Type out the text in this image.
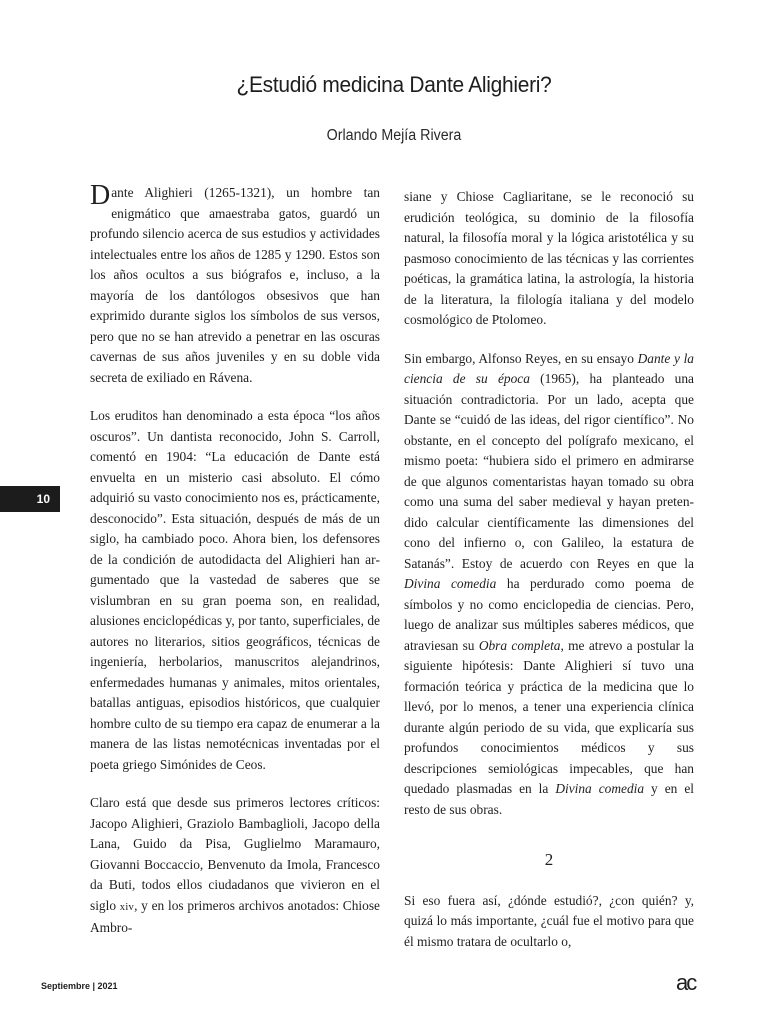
¿Estudió medicina Dante Alighieri?
Orlando Mejía Rivera

Dante Alighieri (1265-1321), un hombre tan enigmático que amaestraba gatos, guardó un profundo silencio acerca de sus estudios y actividades intelectuales entre los años de 1285 y 1290. Estos son los años ocultos a sus biógrafos e, incluso, a la mayoría de los dantólogos obsesivos que han exprimido durante siglos los símbolos de sus versos, pero que no se han atrevido a penetrar en las oscuras cavernas de sus años juveniles y en su doble vida secreta de exiliado en Rávena.

Los eruditos han denominado a esta época “los años oscuros”. Un dantista reconocido, John S. Carroll, comentó en 1904: “La educación de Dante está envuelta en un misterio casi absoluto. El cómo adquirió su vasto conocimiento nos es, prácticamente, desconocido”. Esta situación, después de más de un siglo, ha cambiado poco. Ahora bien, los defensores de la condición de autodidacta del Alighieri han argumentado que la vastedad de saberes que se vislumbran en su gran poema son, en realidad, alusiones enciclopédicas y, por tanto, superficiales, de autores no literarios, sitios geográficos, técnicas de ingeniería, herbolarios, manuscritos alejandrinos, enfermedades humanas y animales, mitos orientales, batallas antiguas, episodios históricos, que cualquier hombre culto de su tiempo era capaz de enumerar a la manera de las listas nemotécnicas inventadas por el poeta griego Simónides de Ceos.

Claro está que desde sus primeros lectores críticos: Jacopo Alighieri, Graziolo Bambaglioli, Jacopo della Lana, Guido da Pisa, Guglielmo Maramauro, Giovanni Boccaccio, Benvenuto da Imola, Francesco da Buti, todos ellos ciudadanos que vivieron en el siglo xiv, y en los primeros archivos anotados: Chiose Ambro-

siane y Chiose Cagliaritane, se le reconoció su erudición teológica, su dominio de la filosofía natural, la filosofía moral y la lógica aristotélica y su pasmoso conocimiento de las técnicas y las corrientes poéticas, la gramática latina, la astrología, la historia de la literatura, la filología italiana y del modelo cosmológico de Ptolomeo.

Sin embargo, Alfonso Reyes, en su ensayo Dante y la ciencia de su época (1965), ha planteado una situación contradictoria. Por un lado, acepta que Dante se “cuidó de las ideas, del rigor científico”. No obstante, en el concepto del polígrafo mexicano, el mismo poeta: “hubiera sido el primero en admirarse de que algunos comentaristas hayan tomado su obra como una suma del saber medieval y hayan pretendido calcular científicamente las dimensiones del cono del infierno o, con Galileo, la estatura de Satanás”. Estoy de acuerdo con Reyes en que la Divina comedia ha perdurado como poema de símbolos y no como enciclopedia de ciencias. Pero, luego de analizar sus múltiples saberes médicos, que atraviesan su Obra completa, me atrevo a postular la siguiente hipótesis: Dante Alighieri sí tuvo una formación teórica y práctica de la medicina que lo llevó, por lo menos, a tener una experiencia clínica durante algún periodo de su vida, que explicaría sus profundos conocimientos médicos y sus descripciones semiológicas impecables, que han quedado plasmadas en la Divina comedia y en el resto de sus obras.

2

Si eso fuera así, ¿dónde estudió?, ¿con quién? y, quizá lo más importante, ¿cuál fue el motivo para que él mismo tratara de ocultarlo o,

10
Septiembre | 2021	ac
